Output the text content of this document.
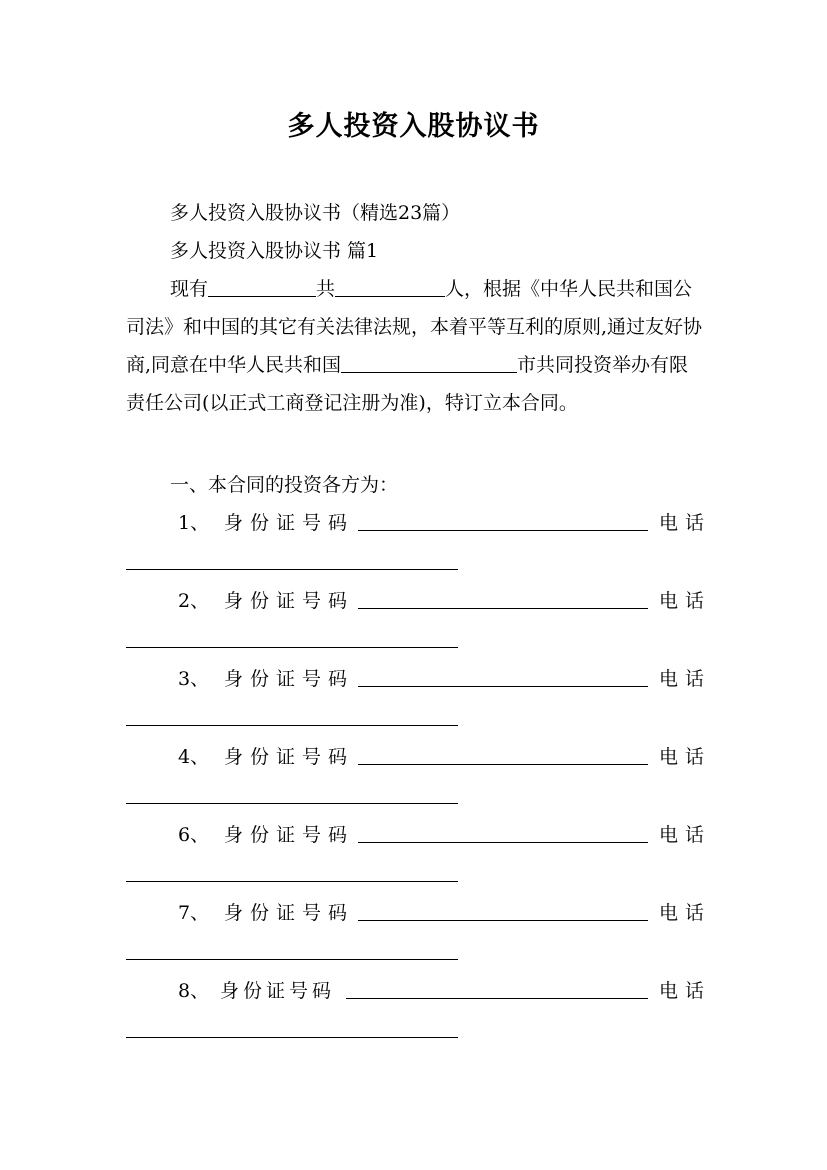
多人投资入股协议书

多人投资入股协议书（精选23篇）

多人投资入股协议书 篇1

现有	共	人，根据《中华人民共和国公司法》和中国的其它有关法律法规，本着平等互利的原则,通过友好协商,同意在中华人民共和国	市共同投资举办有限责任公司(以正式工商登记注册为准)，特订立本合同。

一、本合同的投资各方为：

1、 身份证号码	电话
2、 身份证号码	电话
3、 身份证号码	电话
4、 身份证号码	电话
6、 身份证号码	电话
7、 身份证号码	电话
8、 身份证号码	电话
